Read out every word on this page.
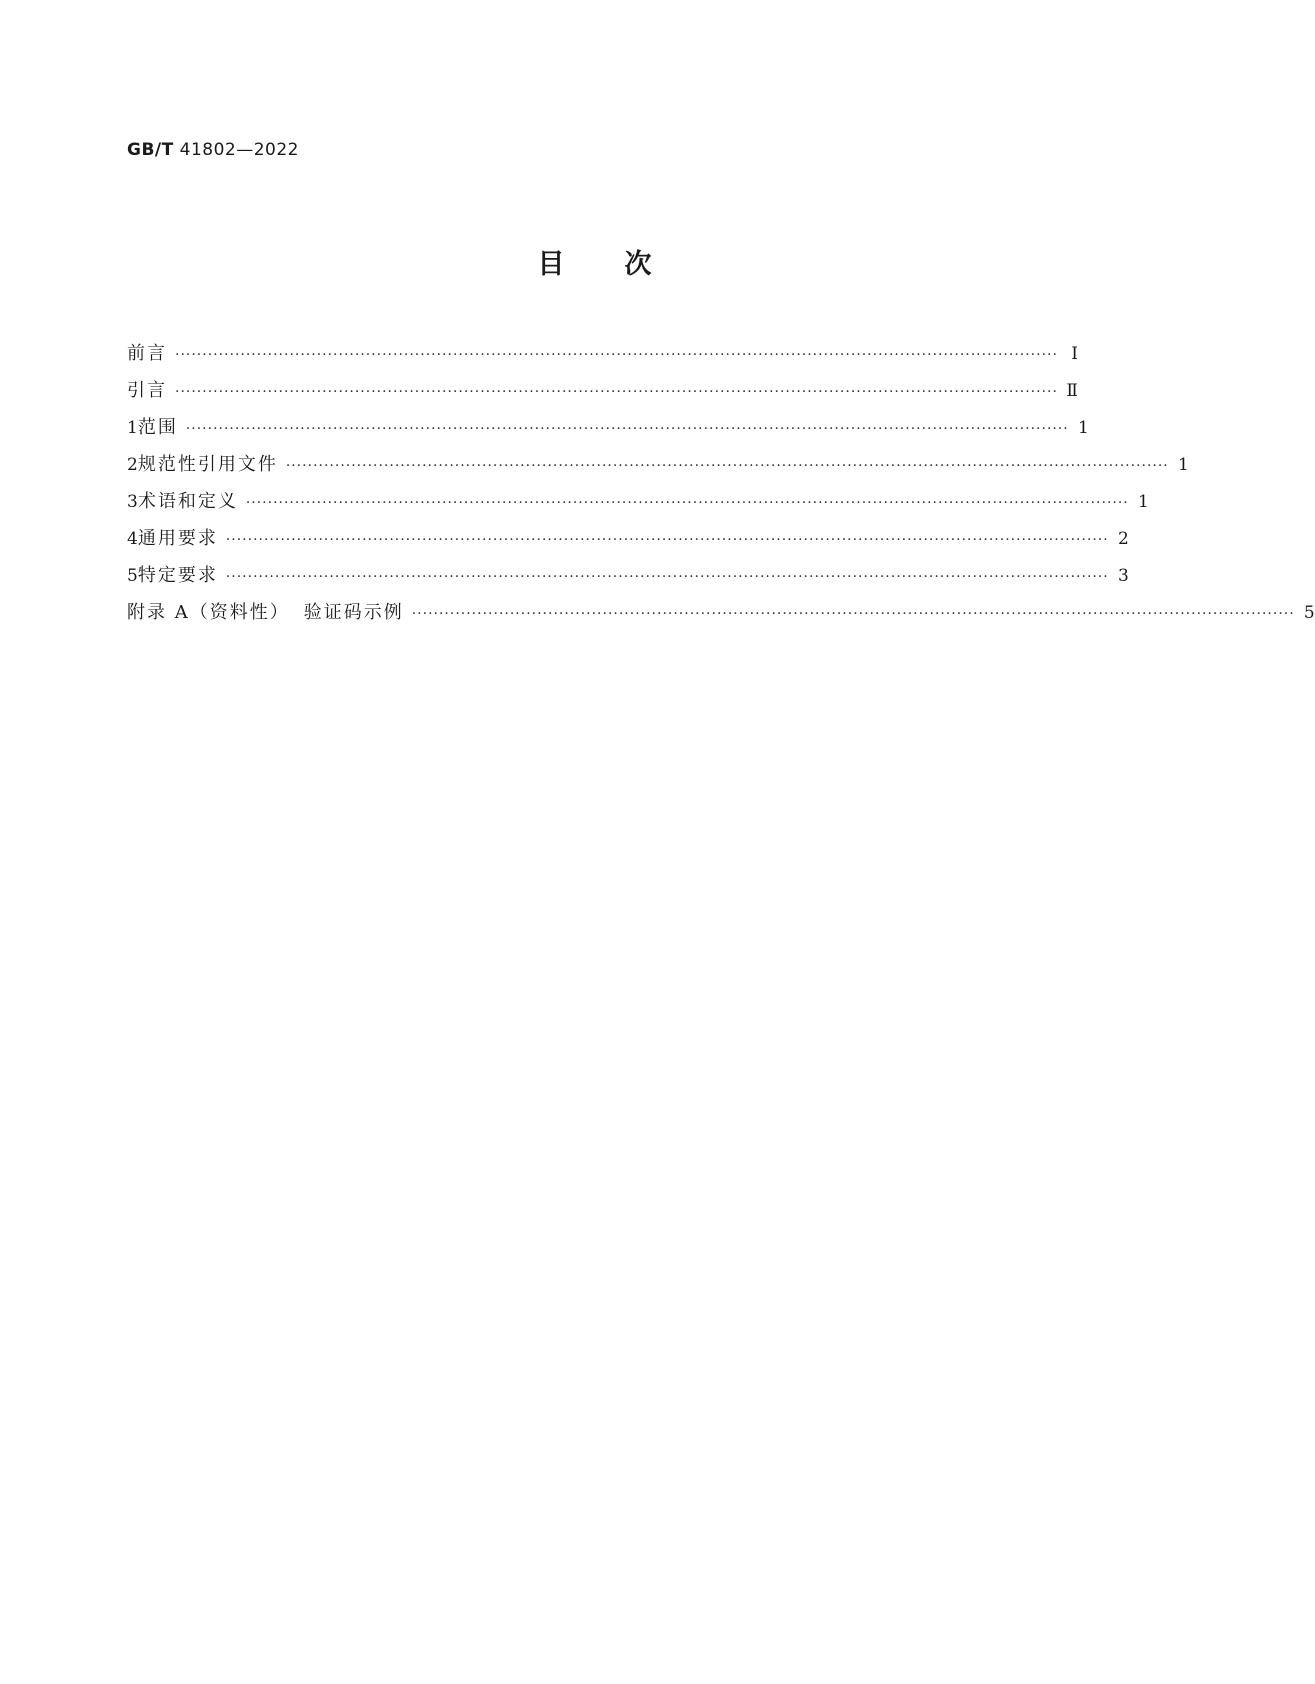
GB/T 41802—2022
目 次
前言 ·································································································································································· Ⅰ
引言 ·································································································································································· Ⅱ
1 范围 ·································································································································································· 1
2 规范性引用文件 ·································································································································································· 1
3 术语和定义 ·································································································································································· 1
4 通用要求 ·································································································································································· 2
5 特定要求 ·································································································································································· 3
附录 A（资料性） 验证码示例 ·································································································································································· 5
